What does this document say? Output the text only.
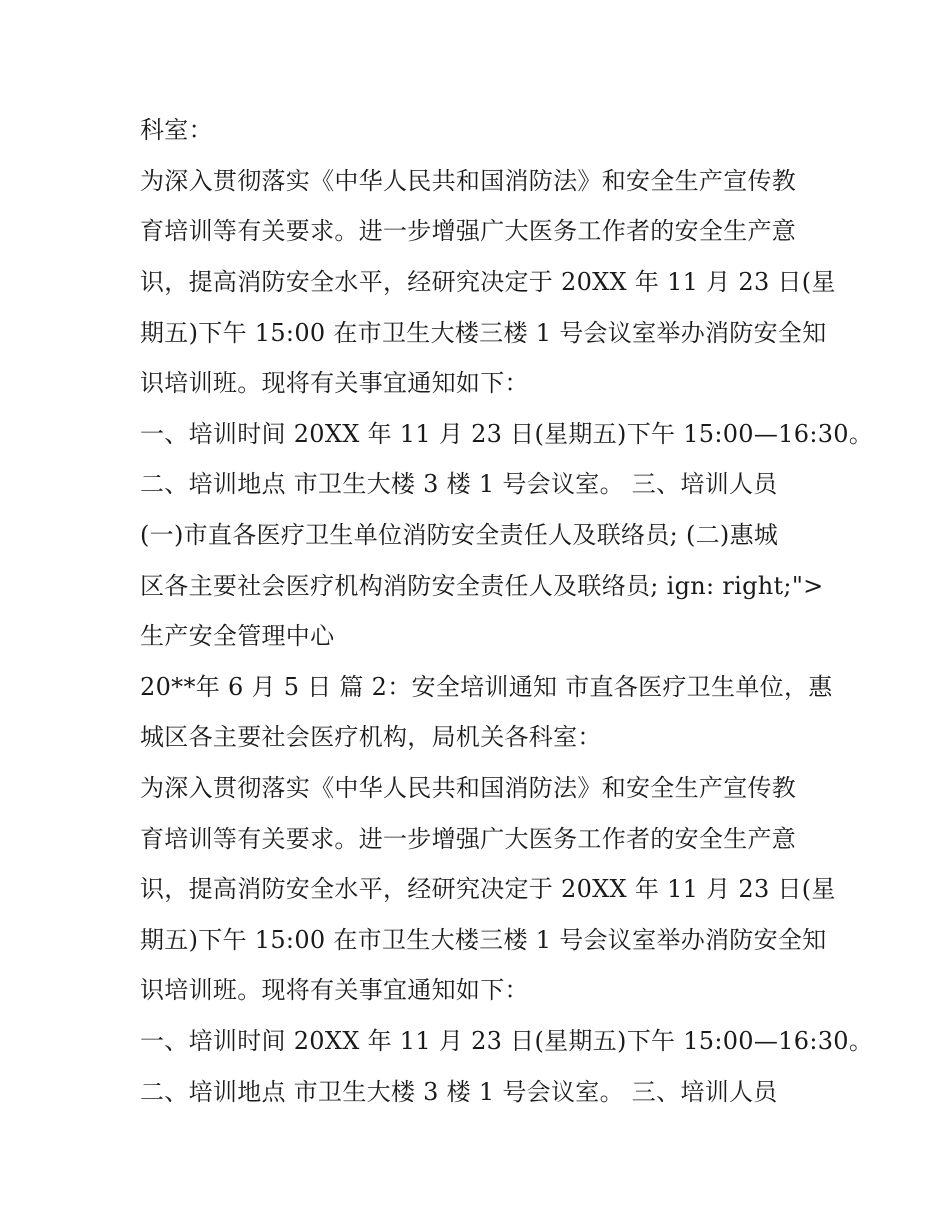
科室：
为深入贯彻落实《中华人民共和国消防法》和安全生产宣传教
育培训等有关要求。进一步增强广大医务工作者的安全生产意
识，提高消防安全水平，经研究决定于 20XX 年 11 月 23 日(星
期五)下午 15:00 在市卫生大楼三楼 1 号会议室举办消防安全知
识培训班。现将有关事宜通知如下：
一、培训时间 20XX 年 11 月 23 日(星期五)下午 15:00—16:30。
二、培训地点 市卫生大楼 3 楼 1 号会议室。 三、培训人员
(一)市直各医疗卫生单位消防安全责任人及联络员; (二)惠城
区各主要社会医疗机构消防安全责任人及联络员; ign: right;">
生产安全管理中心
20**年 6 月 5 日 篇 2：安全培训通知 市直各医疗卫生单位，惠
城区各主要社会医疗机构，局机关各科室：
为深入贯彻落实《中华人民共和国消防法》和安全生产宣传教
育培训等有关要求。进一步增强广大医务工作者的安全生产意
识，提高消防安全水平，经研究决定于 20XX 年 11 月 23 日(星
期五)下午 15:00 在市卫生大楼三楼 1 号会议室举办消防安全知
识培训班。现将有关事宜通知如下：
一、培训时间 20XX 年 11 月 23 日(星期五)下午 15:00—16:30。
二、培训地点 市卫生大楼 3 楼 1 号会议室。 三、培训人员
